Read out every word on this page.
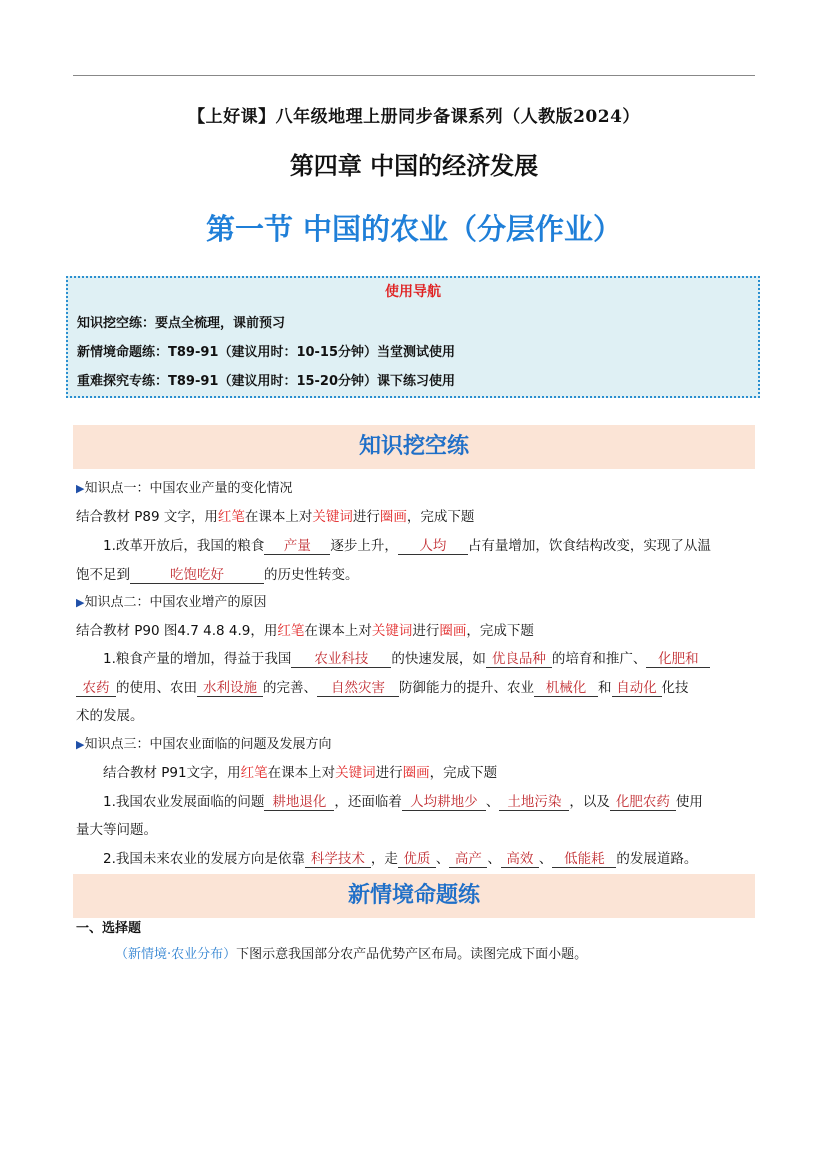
【上好课】八年级地理上册同步备课系列（人教版2024）
第四章 中国的经济发展
第一节 中国的农业（分层作业）
使用导航
知识挖空练：要点全梳理，课前预习
新情境命题练：T89-91（建议用时：10-15分钟）当堂测试使用
重难探究专练：T89-91（建议用时：15-20分钟）课下练习使用
知识挖空练
▶知识点一：中国农业产量的变化情况
结合教材 P89 文字，用红笔在课本上对关键词进行圈画，完成下题
1.改革开放后，我国的粮食 产量 逐步上升， 人均 占有量增加，饮食结构改变，实现了从温
饱不足到	吃饱吃好	的历史性转变。
▶知识点二：中国农业增产的原因
结合教材 P90 图4.7 4.8 4.9，用红笔在课本上对关键词进行圈画，完成下题
1.粮食产量的增加，得益于我国 农业科技 的快速发展，如 优良品种 的培育和推广、 化肥和
农药 的使用、农田 水利设施 的完善、 自然灾害 防御能力的提升、农业 机械化 和 自动化 化技
术的发展。
▶知识点三：中国农业面临的问题及发展方向
结合教材 P91文字，用红笔在课本上对关键词进行圈画，完成下题
1.我国农业发展面临的问题 耕地退化 ，还面临着 人均耕地少 、 土地污染 ，以及 化肥农药 使用
量大等问题。
2.我国未来农业的发展方向是依靠 科学技术 ，走 优质 、 高产 、 高效 、 低能耗 的发展道路。
新情境命题练
一、选择题
（新情境·农业分布）下图示意我国部分农产品优势产区布局。读图完成下面小题。
